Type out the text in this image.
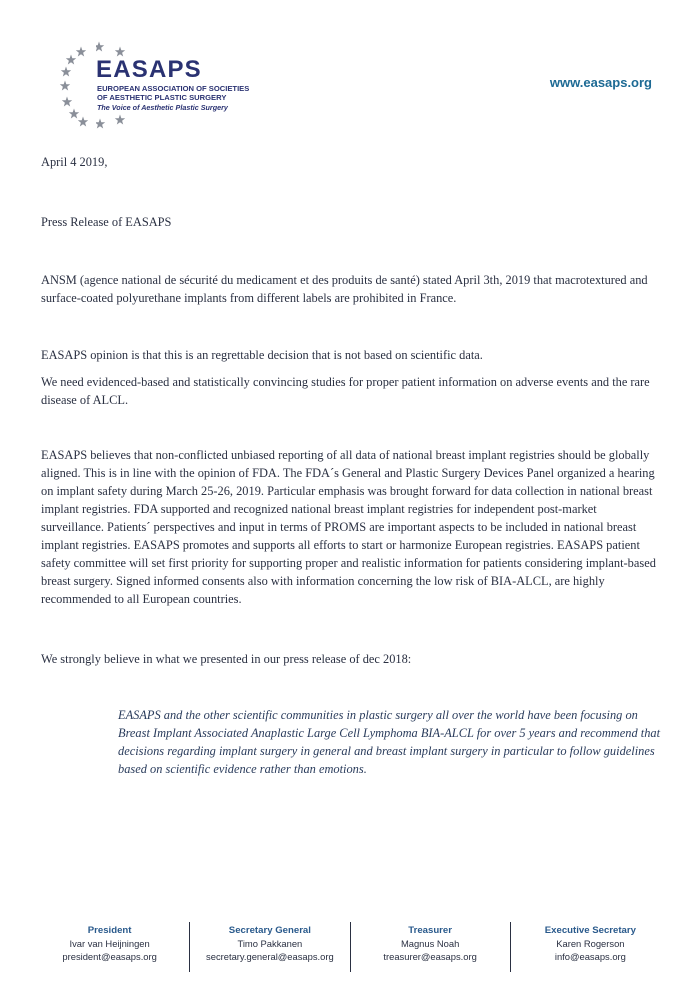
EASAPS

EUROPEAN ASSOCIATION OF SOCIETIES
OF AESTHETIC PLASTIC SURGERY

The Voice of Aesthetic Plastic Surgery

www.easaps.org

April 4 2019,

Press Release of EASAPS

ANSM (agence national de sécurité du medicament et des produits de santé) stated April 3th, 2019 that macrotextured and surface-coated polyurethane implants from different labels are prohibited in France.

EASAPS opinion is that this is an regrettable decision that is not based on scientific data.

We need evidenced-based and statistically convincing studies for proper patient information on adverse events and the rare disease of ALCL.

EASAPS believes that non-conflicted unbiased reporting of all data of national breast implant registries should be globally aligned. This is in line with the opinion of FDA. The FDA´s General and Plastic Surgery Devices Panel organized a hearing on implant safety during March 25-26, 2019. Particular emphasis was brought forward for data collection in national breast implant registries. FDA supported and recognized national breast implant registries for independent post-market surveillance. Patients´ perspectives and input in terms of PROMS are important aspects to be included in national breast implant registries. EASAPS promotes and supports all efforts to start or harmonize European registries. EASAPS patient safety committee will set first priority for supporting proper and realistic information for patients considering implant-based breast surgery. Signed informed consents also with information concerning the low risk of BIA-ALCL, are highly recommended to all European countries.

We strongly believe in what we presented in our press release of dec 2018:

EASAPS and the other scientific communities in plastic surgery all over the world have been focusing on Breast Implant Associated Anaplastic Large Cell Lymphoma BIA-ALCL for over 5 years and recommend that decisions regarding implant surgery in general and breast implant surgery in particular to follow guidelines based on scientific evidence rather than emotions.

President
Ivar van Heijningen
president@easaps.org
Secretary General
Timo Pakkanen
secretary.general@easaps.org
Treasurer
Magnus Noah
treasurer@easaps.org
Executive Secretary
Karen Rogerson
info@easaps.org
